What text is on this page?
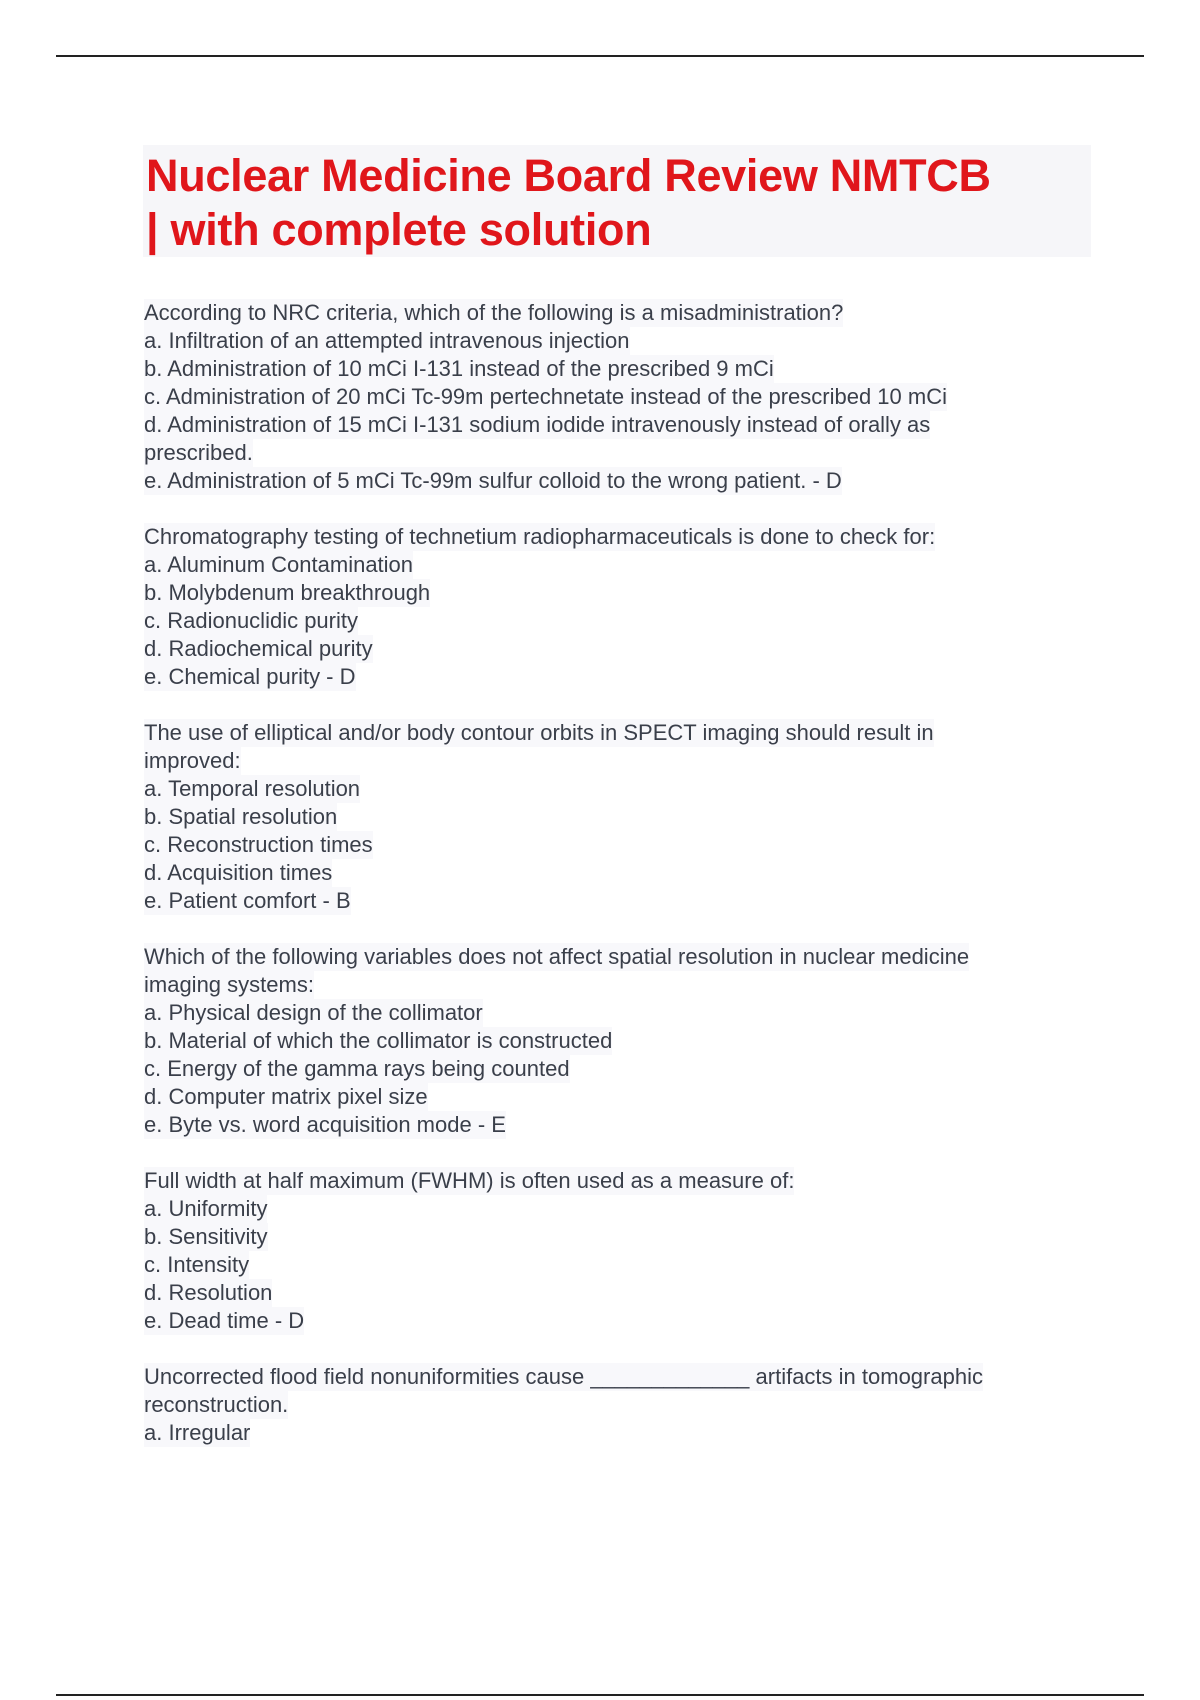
Nuclear Medicine Board Review NMTCB
| with complete solution
According to NRC criteria, which of the following is a misadministration?
a. Infiltration of an attempted intravenous injection
b. Administration of 10 mCi I-131 instead of the prescribed 9 mCi
c. Administration of 20 mCi Tc-99m pertechnetate instead of the prescribed 10 mCi
d. Administration of 15 mCi I-131 sodium iodide intravenously instead of orally as
prescribed.
e. Administration of 5 mCi Tc-99m sulfur colloid to the wrong patient. - D
Chromatography testing of technetium radiopharmaceuticals is done to check for:
a. Aluminum Contamination
b. Molybdenum breakthrough
c. Radionuclidic purity
d. Radiochemical purity
e. Chemical purity - D
The use of elliptical and/or body contour orbits in SPECT imaging should result in
improved:
a. Temporal resolution
b. Spatial resolution
c. Reconstruction times
d. Acquisition times
e. Patient comfort - B
Which of the following variables does not affect spatial resolution in nuclear medicine
imaging systems:
a. Physical design of the collimator
b. Material of which the collimator is constructed
c. Energy of the gamma rays being counted
d. Computer matrix pixel size
e. Byte vs. word acquisition mode - E
Full width at half maximum (FWHM) is often used as a measure of:
a. Uniformity
b. Sensitivity
c. Intensity
d. Resolution
e. Dead time - D
Uncorrected flood field nonuniformities cause _____________ artifacts in tomographic
reconstruction.
a. Irregular
